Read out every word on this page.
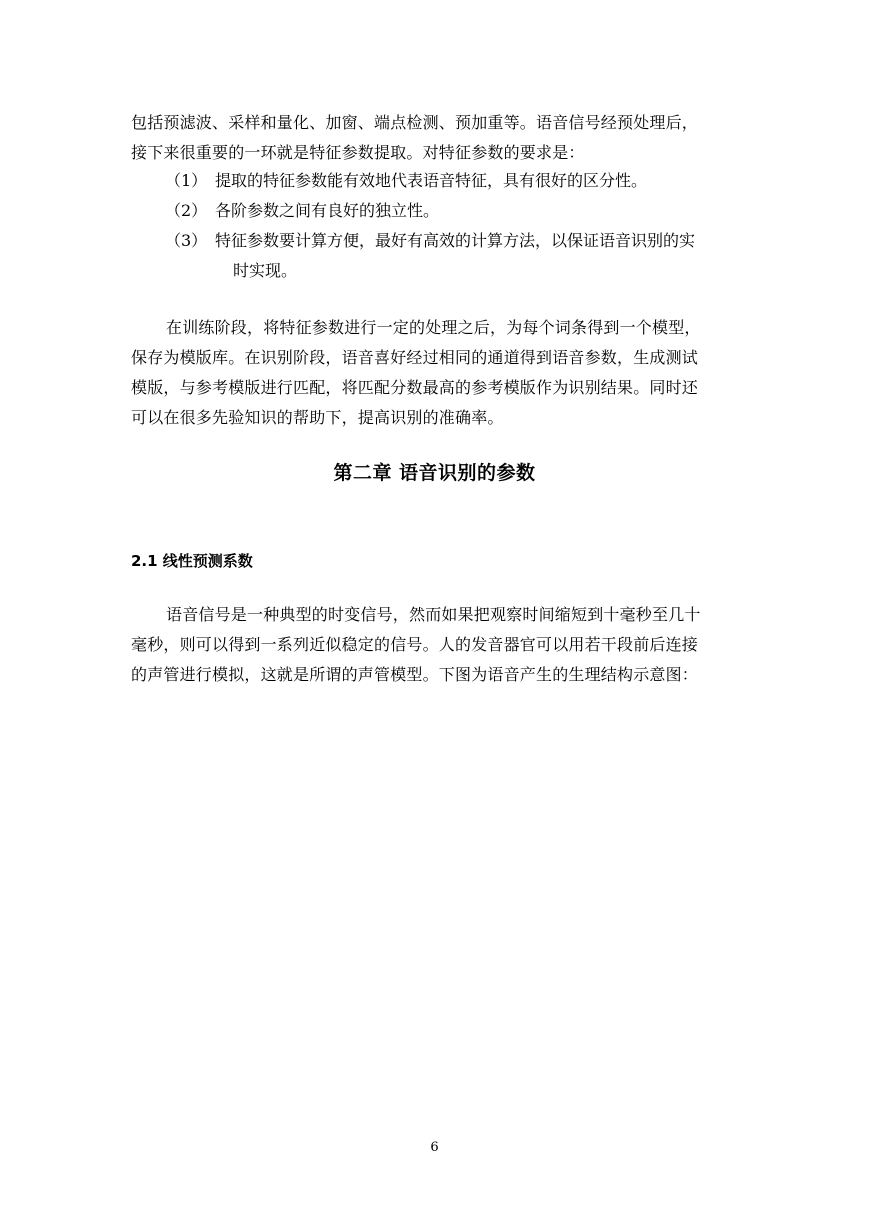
包括预滤波、采样和量化、加窗、端点检测、预加重等。语音信号经预处理后，
接下来很重要的一环就是特征参数提取。对特征参数的要求是：
（1） 提取的特征参数能有效地代表语音特征，具有很好的区分性。
（2） 各阶参数之间有良好的独立性。
（3） 特征参数要计算方便，最好有高效的计算方法，以保证语音识别的实
时实现。
在训练阶段，将特征参数进行一定的处理之后，为每个词条得到一个模型，
保存为模版库。在识别阶段，语音喜好经过相同的通道得到语音参数，生成测试
模版，与参考模版进行匹配，将匹配分数最高的参考模版作为识别结果。同时还
可以在很多先验知识的帮助下，提高识别的准确率。
第二章 语音识别的参数
2.1 线性预测系数
语音信号是一种典型的时变信号，然而如果把观察时间缩短到十毫秒至几十
毫秒，则可以得到一系列近似稳定的信号。人的发音器官可以用若干段前后连接
的声管进行模拟，这就是所谓的声管模型。下图为语音产生的生理结构示意图：
6
